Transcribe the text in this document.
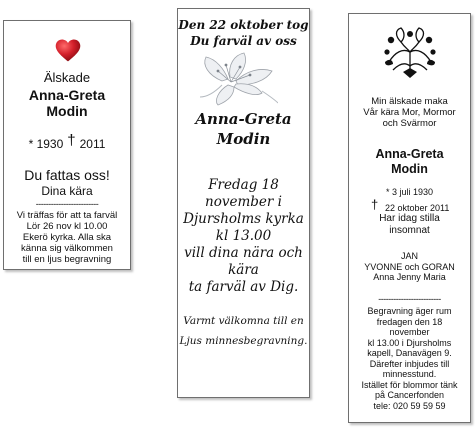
Älskade
Anna-Greta
Modin
* 1930 † 2011
Du fattas oss!
Dina kära
-------------------------
Vi träffas för att ta farväl
Lör 26 nov kl 10.00
Ekerö kyrka. Alla ska
känna sig välkommen
till en ljus begravning
Den 22 oktober tog
Du farväl av oss
Anna-Greta
Modin
Fredag 18
november i
Djursholms kyrka
kl 13.00
vill dina nära och
kära
ta farväl av Dig.
Varmt välkomna till en
Ljus minnesbegravning.
Min älskade maka
Vår kära Mor, Mormor
och Svärmor
Anna-Greta
Modin
* 3 juli 1930
† 22 oktober 2011
Har idag stilla
insomnat
JAN
YVONNE och GORAN
Anna Jenny Maria
-------------------------
Begravning äger rum
fredagen den 18
november
kl 13.00 i Djursholms
kapell, Danavägen 9.
Därefter inbjudes till
minnesstund.
Istället för blommor tänk
på Cancerfonden
tele: 020 59 59 59
